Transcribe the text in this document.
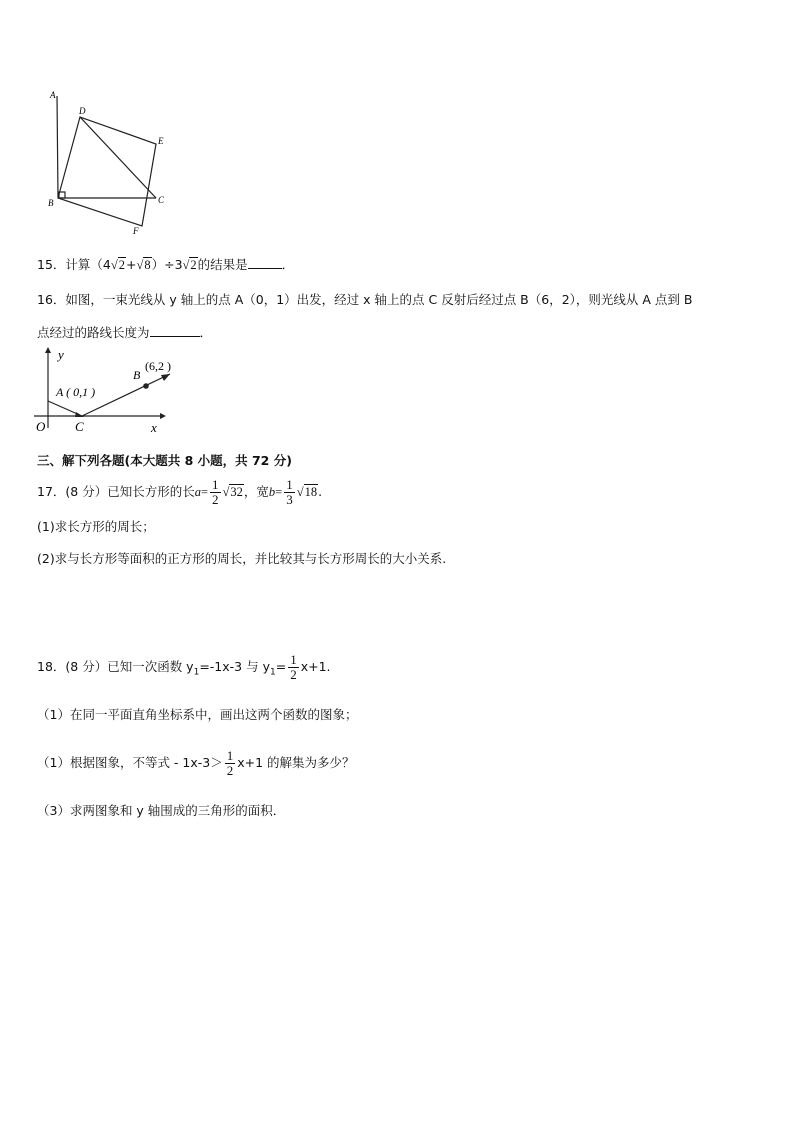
A
D
E
B	C
F
15．计算（4√2+√8）÷3√2的结果是	．
16．如图，一束光线从 y 轴上的点 A（0，1）出发，经过 x 轴上的点 C 反射后经过点 B（6，2），则光线从 A 点到 B
点经过的路线长度为	．
y
x
O C
A ( 0,1 )
B
(6,2 )
三、解下列各题(本大题共 8 小题，共 72 分)
17．(8 分）已知长方形的长$a= \frac{1}{2} √32$，宽$b= \frac{1}{3} √18$.
(1)求长方形的周长；
(2)求与长方形等面积的正方形的周长，并比较其与长方形周长的大小关系.
18．(8 分）已知一次函数 $y_1=-1x-3$ 与 $y_1= \frac{1}{2} x+1$.
（1）在同一平面直角坐标系中，画出这两个函数的图象；
（1）根据图象，不等式 - $1x-3> \frac{1}{2} x+1$ 的解集为多少？
（3）求两图象和 y 轴围成的三角形的面积．
